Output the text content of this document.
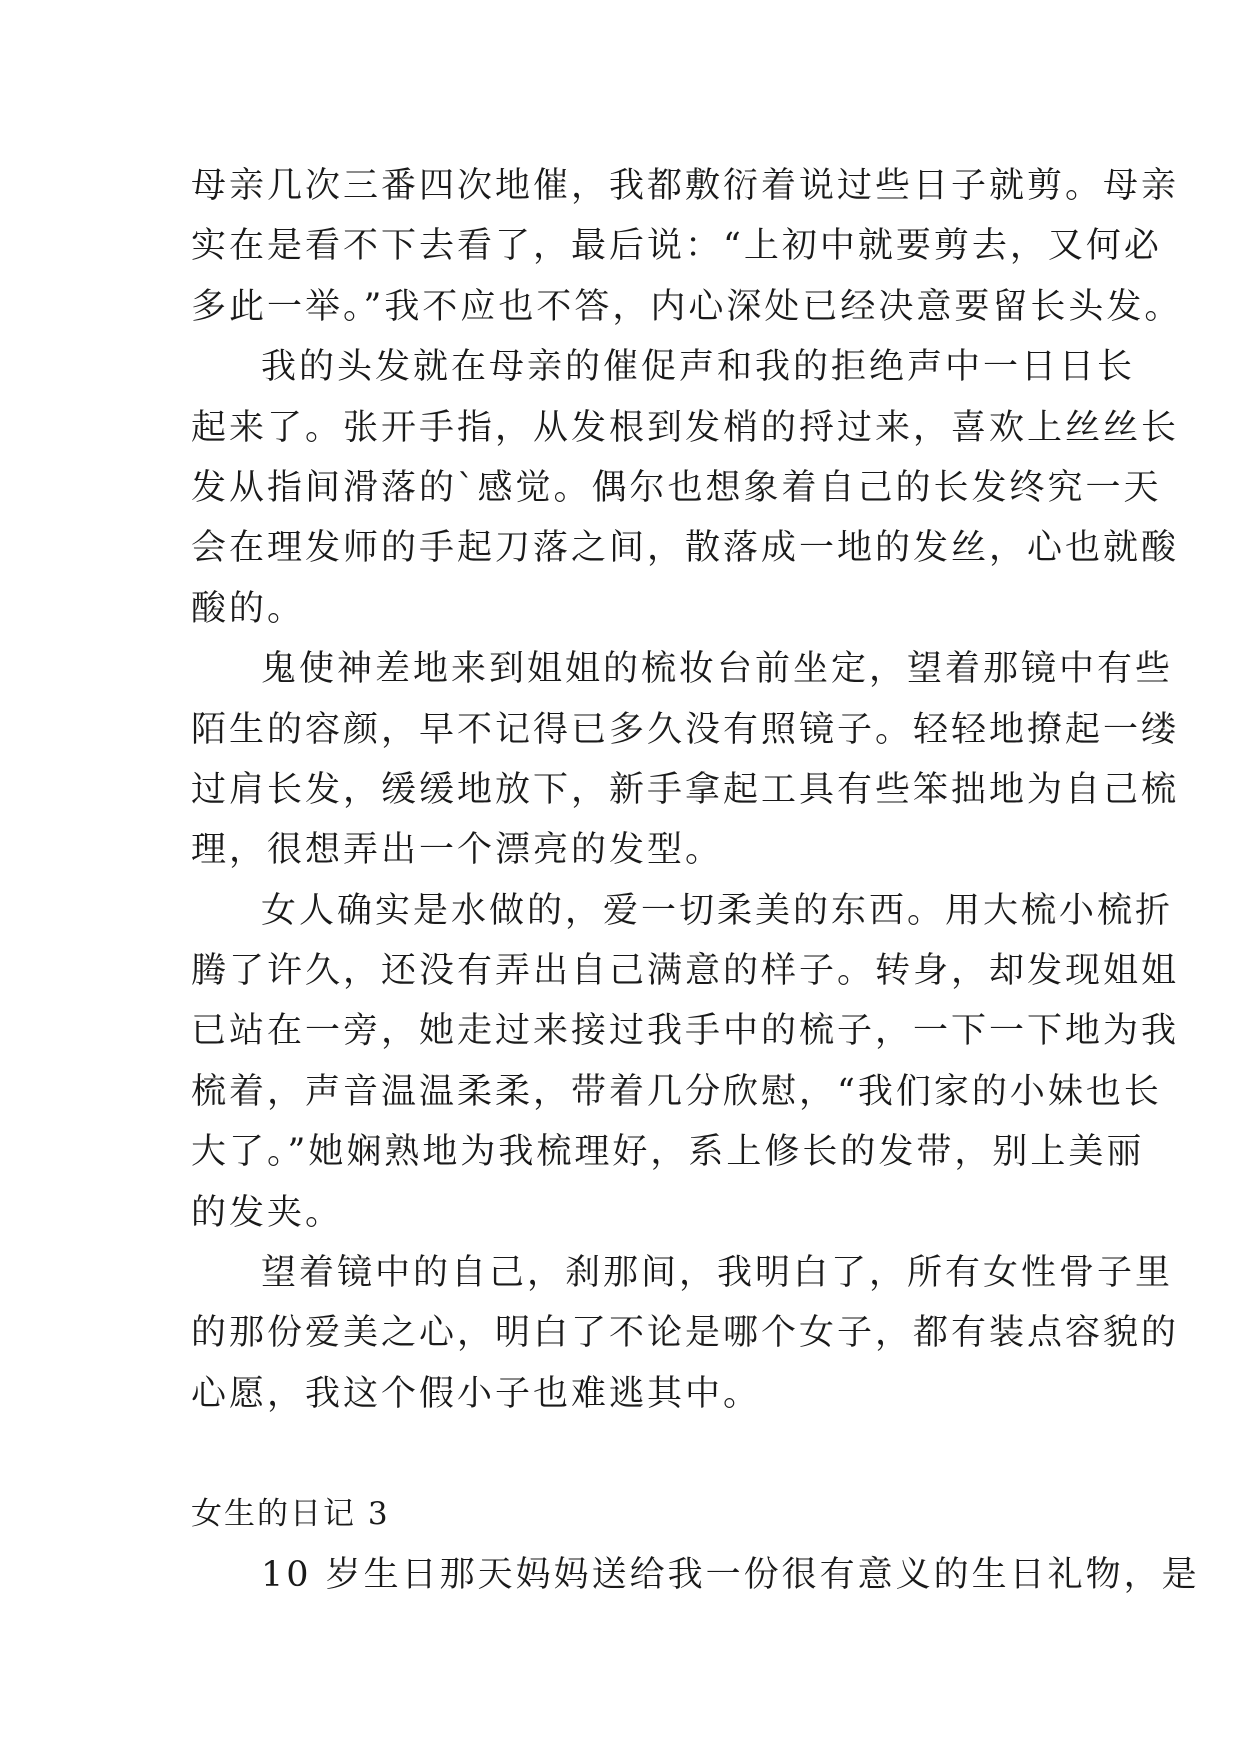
母亲几次三番四次地催，我都敷衍着说过些日子就剪。母亲
实在是看不下去看了，最后说：“上初中就要剪去，又何必
多此一举。”我不应也不答，内心深处已经决意要留长头发。
我的头发就在母亲的催促声和我的拒绝声中一日日长
起来了。张开手指，从发根到发梢的捋过来，喜欢上丝丝长
发从指间滑落的`感觉。偶尔也想象着自己的长发终究一天
会在理发师的手起刀落之间，散落成一地的发丝，心也就酸
酸的。
鬼使神差地来到姐姐的梳妆台前坐定，望着那镜中有些
陌生的容颜，早不记得已多久没有照镜子。轻轻地撩起一缕
过肩长发，缓缓地放下，新手拿起工具有些笨拙地为自己梳
理，很想弄出一个漂亮的发型。
女人确实是水做的，爱一切柔美的东西。用大梳小梳折
腾了许久，还没有弄出自己满意的样子。转身，却发现姐姐
已站在一旁，她走过来接过我手中的梳子，一下一下地为我
梳着，声音温温柔柔，带着几分欣慰，“我们家的小妹也长
大了。”她娴熟地为我梳理好，系上修长的发带，别上美丽
的发夹。
望着镜中的自己，刹那间，我明白了，所有女性骨子里
的那份爱美之心，明白了不论是哪个女子，都有装点容貌的
心愿，我这个假小子也难逃其中。
女生的日记 3
10 岁生日那天妈妈送给我一份很有意义的生日礼物，是
